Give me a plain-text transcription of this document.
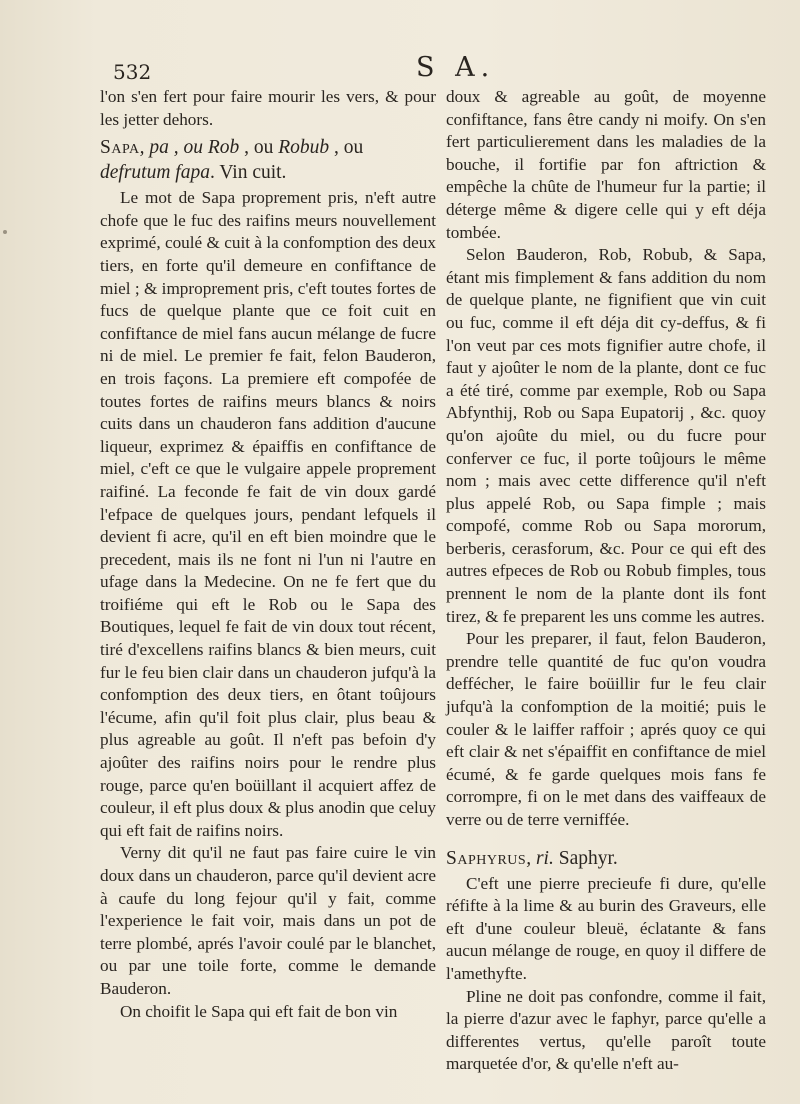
532	S A.

l'on s'en fert pour faire mourir les vers, & pour les jetter dehors.

Sapa, pa , ou Rob , ou Robub , ou defrutum fapa. Vin cuit.

Le mot de Sapa proprement pris, n'eft autre chofe que le fuc des raifins meurs nouvellement exprimé, coulé & cuit à la confomption des deux tiers, en forte qu'il demeure en confiftance de miel ; & improprement pris, c'eft toutes fortes de fucs de quelque plante que ce foit cuit en confiftance de miel fans aucun mélange de fucre ni de miel. Le premier fe fait, felon Bauderon, en trois façons. La premiere eft compofée de toutes fortes de raifins meurs blancs & noirs cuits dans un chauderon fans addition d'aucune liqueur, exprimez & épaiffis en confiftance de miel, c'eft ce que le vulgaire appele proprement raifiné. La feconde fe fait de vin doux gardé l'efpace de quelques jours, pendant lefquels il devient fi acre, qu'il en eft bien moindre que le precedent, mais ils ne font ni l'un ni l'autre en ufage dans la Medecine. On ne fe fert que du troifiéme qui eft le Rob ou le Sapa des Boutiques, lequel fe fait de vin doux tout récent, tiré d'excellens raifins blancs & bien meurs, cuit fur le feu bien clair dans un chauderon jufqu'à la confomption des deux tiers, en ôtant toûjours l'écume, afin qu'il foit plus clair, plus beau & plus agreable au goût. Il n'eft pas befoin d'y ajoûter des raifins noirs pour le rendre plus rouge, parce qu'en boüillant il acquiert affez de couleur, il eft plus doux & plus anodin que celuy qui eft fait de raifins noirs.

Verny dit qu'il ne faut pas faire cuire le vin doux dans un chauderon, parce qu'il devient acre à caufe du long fejour qu'il y fait, comme l'experience le fait voir, mais dans un pot de terre plombé, aprés l'avoir coulé par le blanchet, ou par une toile forte, comme le demande Bauderon.

On choifit le Sapa qui eft fait de bon vin

doux & agreable au goût, de moyenne confiftance, fans être candy ni moify. On s'en fert particulierement dans les maladies de la bouche, il fortifie par fon aftriction & empêche la chûte de l'humeur fur la partie; il déterge même & digere celle qui y eft déja tombée.

Selon Bauderon, Rob, Robub, & Sapa, étant mis fimplement & fans addition du nom de quelque plante, ne fignifient que vin cuit ou fuc, comme il eft déja dit cy-deffus, & fi l'on veut par ces mots fignifier autre chofe, il faut y ajoûter le nom de la plante, dont ce fuc a été tiré, comme par exemple, Rob ou Sapa Abfynthij, Rob ou Sapa Eupatorij , &c. quoy qu'on ajoûte du miel, ou du fucre pour conferver ce fuc, il porte toûjours le même nom ; mais avec cette difference qu'il n'eft plus appelé Rob, ou Sapa fimple ; mais compofé, comme Rob ou Sapa mororum, berberis, cerasforum, &c. Pour ce qui eft des autres efpeces de Rob ou Robub fimples, tous prennent le nom de la plante dont ils font tirez, & fe preparent les uns comme les autres.

Pour les preparer, il faut, felon Bauderon, prendre telle quantité de fuc qu'on voudra deffécher, le faire boüillir fur le feu clair jufqu'à la confomption de la moitié; puis le couler & le laiffer raffoir ; aprés quoy ce qui eft clair & net s'épaiffit en confiftance de miel écumé, & fe garde quelques mois fans fe corrompre, fi on le met dans des vaiffeaux de verre ou de terre verniffée.

Saphyrus, ri. Saphyr.

C'eft une pierre precieufe fi dure, qu'elle réfifte à la lime & au burin des Graveurs, elle eft d'une couleur bleuë, éclatante & fans aucun mélange de rouge, en quoy il differe de l'amethyfte.

Pline ne doit pas confondre, comme il fait, la pierre d'azur avec le faphyr, parce qu'elle a differentes vertus, qu'elle paroît toute marquetée d'or, & qu'elle n'eft au-
